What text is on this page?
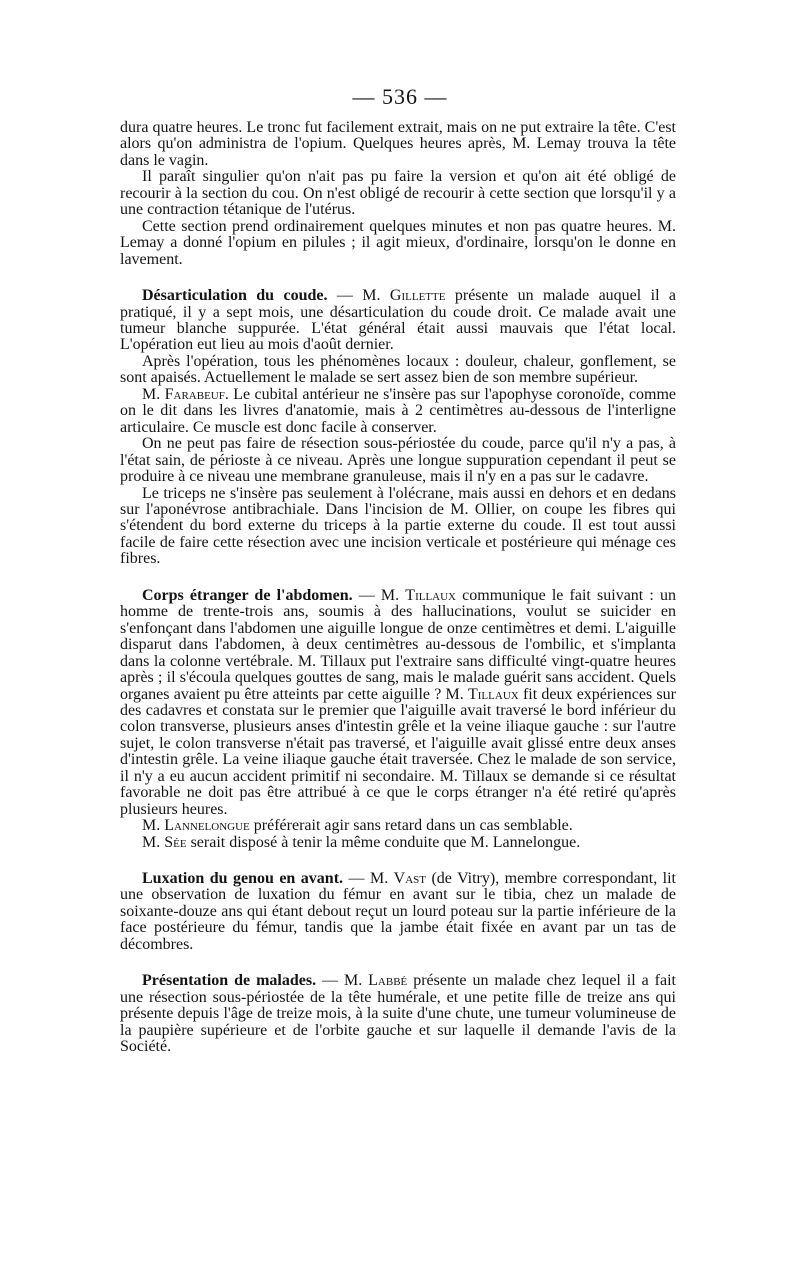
— 536 —

dura quatre heures. Le tronc fut facilement extrait, mais on ne put extraire la tête. C'est alors qu'on administra de l'opium. Quelques heures après, M. Lemay trouva la tête dans le vagin.

Il paraît singulier qu'on n'ait pas pu faire la version et qu'on ait été obligé de recourir à la section du cou. On n'est obligé de recourir à cette section que lorsqu'il y a une contraction tétanique de l'utérus.

Cette section prend ordinairement quelques minutes et non pas quatre heures. M. Lemay a donné l'opium en pilules ; il agit mieux, d'ordinaire, lorsqu'on le donne en lavement.

Désarticulation du coude. — M. Gillette présente un malade auquel il a pratiqué, il y a sept mois, une désarticulation du coude droit. Ce malade avait une tumeur blanche suppurée. L'état général était aussi mauvais que l'état local. L'opération eut lieu au mois d'août dernier.

Après l'opération, tous les phénomènes locaux : douleur, chaleur, gonflement, se sont apaisés. Actuellement le malade se sert assez bien de son membre supérieur.

M. Farabeuf. Le cubital antérieur ne s'insère pas sur l'apophyse coronoïde, comme on le dit dans les livres d'anatomie, mais à 2 centimètres au-dessous de l'interligne articulaire. Ce muscle est donc facile à conserver.

On ne peut pas faire de résection sous-périostée du coude, parce qu'il n'y a pas, à l'état sain, de périoste à ce niveau. Après une longue suppuration cependant il peut se produire à ce niveau une membrane granuleuse, mais il n'y en a pas sur le cadavre.

Le triceps ne s'insère pas seulement à l'olécrane, mais aussi en dehors et en dedans sur l'aponévrose antibrachiale. Dans l'incision de M. Ollier, on coupe les fibres qui s'étendent du bord externe du triceps à la partie externe du coude. Il est tout aussi facile de faire cette résection avec une incision verticale et postérieure qui ménage ces fibres.

Corps étranger de l'abdomen. — M. Tillaux communique le fait suivant : un homme de trente-trois ans, soumis à des hallucinations, voulut se suicider en s'enfonçant dans l'abdomen une aiguille longue de onze centimètres et demi. L'aiguille disparut dans l'abdomen, à deux centimètres au-dessous de l'ombilic, et s'implanta dans la colonne vertébrale. M. Tillaux put l'extraire sans difficulté vingt-quatre heures après ; il s'écoula quelques gouttes de sang, mais le malade guérit sans accident. Quels organes avaient pu être atteints par cette aiguille ? M. Tillaux fit deux expériences sur des cadavres et constata sur le premier que l'aiguille avait traversé le bord inférieur du colon transverse, plusieurs anses d'intestin grêle et la veine iliaque gauche : sur l'autre sujet, le colon transverse n'était pas traversé, et l'aiguille avait glissé entre deux anses d'intestin grêle. La veine iliaque gauche était traversée. Chez le malade de son service, il n'y a eu aucun accident primitif ni secondaire. M. Tillaux se demande si ce résultat favorable ne doit pas être attribué à ce que le corps étranger n'a été retiré qu'après plusieurs heures.

M. Lannelongue préférerait agir sans retard dans un cas semblable.

M. Sée serait disposé à tenir la même conduite que M. Lannelongue.

Luxation du genou en avant. — M. Vast (de Vitry), membre correspondant, lit une observation de luxation du fémur en avant sur le tibia, chez un malade de soixante-douze ans qui étant debout reçut un lourd poteau sur la partie inférieure de la face postérieure du fémur, tandis que la jambe était fixée en avant par un tas de décombres.

Présentation de malades. — M. Labbé présente un malade chez lequel il a fait une résection sous-périostée de la tête humérale, et une petite fille de treize ans qui présente depuis l'âge de treize mois, à la suite d'une chute, une tumeur volumineuse de la paupière supérieure et de l'orbite gauche et sur laquelle il demande l'avis de la Société.
